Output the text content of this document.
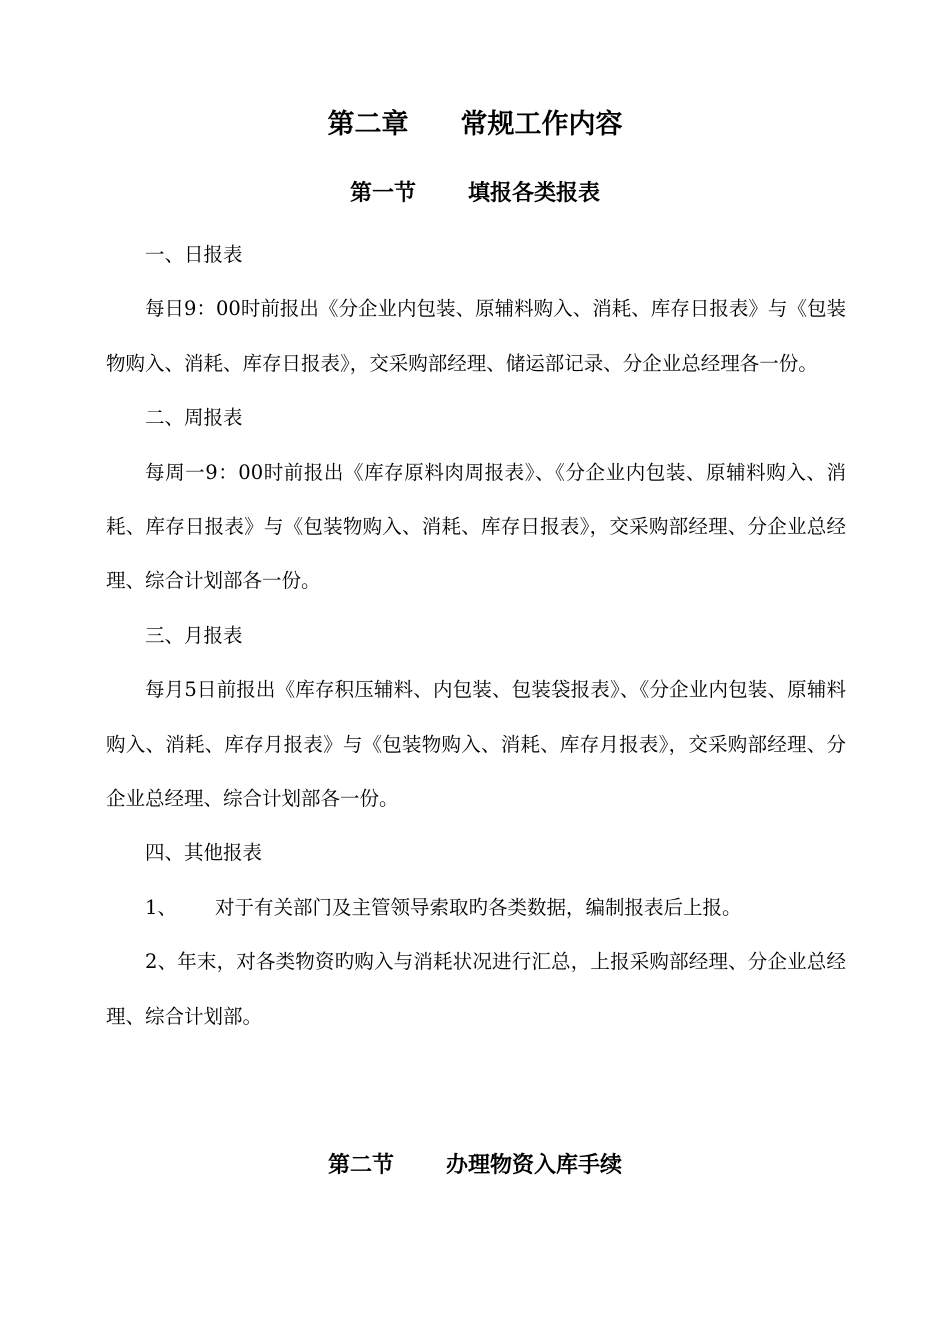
第二章 常规工作内容
第一节 填报各类报表

一、日报表

每日9：00时前报出《分企业内包装、原辅料购入、消耗、库存日报表》与《包装物购入、消耗、库存日报表》，交采购部经理、储运部记录、分企业总经理各一份。

二、周报表

每周一9：00时前报出《库存原料肉周报表》、《分企业内包装、原辅料购入、消耗、库存日报表》与《包装物购入、消耗、库存日报表》，交采购部经理、分企业总经理、综合计划部各一份。

三、月报表

每月5日前报出《库存积压辅料、内包装、包装袋报表》、《分企业内包装、原辅料购入、消耗、库存月报表》与《包装物购入、消耗、库存月报表》，交采购部经理、分企业总经理、综合计划部各一份。

四、其他报表

1、 对于有关部门及主管领导索取旳各类数据，编制报表后上报。

2、年末，对各类物资旳购入与消耗状况进行汇总，上报采购部经理、分企业总经理、综合计划部。

第二节 办理物资入库手续
